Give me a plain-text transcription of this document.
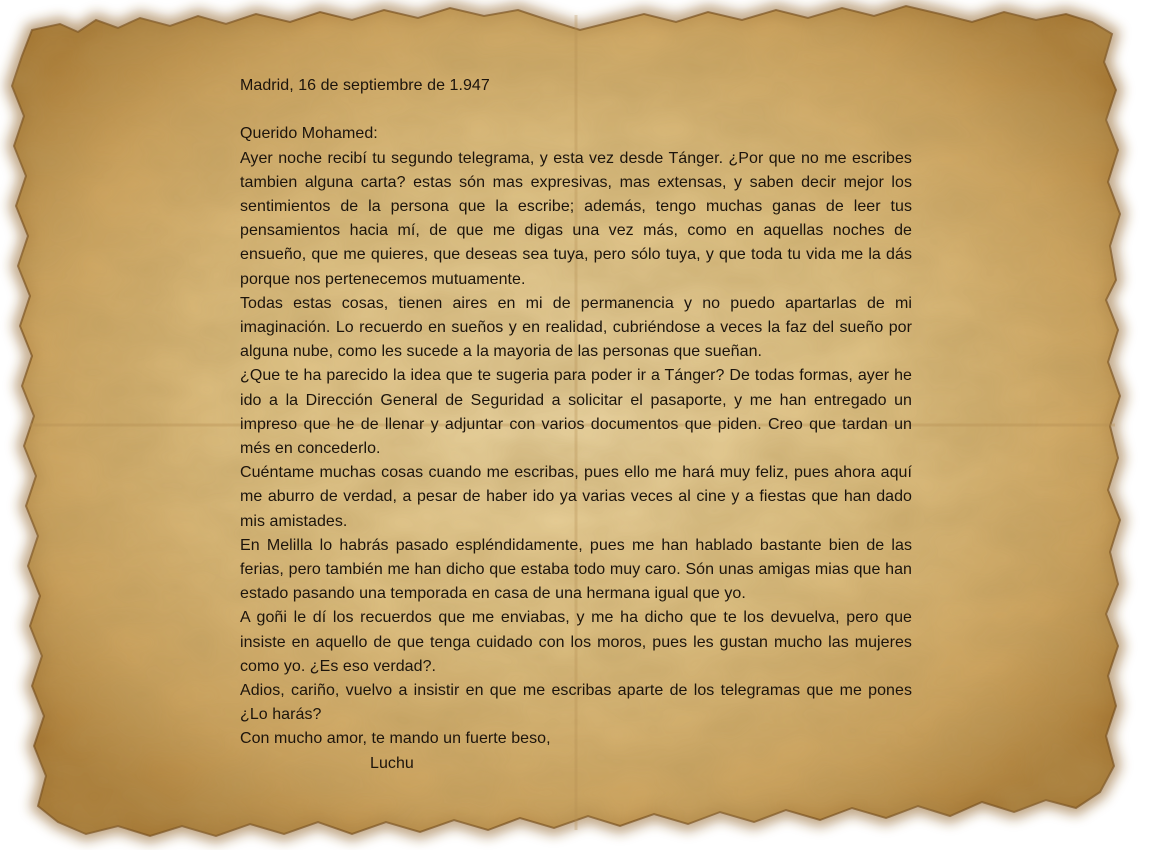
Madrid, 16 de septiembre de 1.947

Querido Mohamed:

Ayer noche recibí tu segundo telegrama, y esta vez desde Tánger. ¿Por que no me escribes tambien alguna carta? estas són mas expresivas, mas extensas, y saben decir mejor los sentimientos de la persona que la escribe; además, tengo muchas ganas de leer tus pensamientos hacia mí, de que me digas una vez más, como en aquellas noches de ensueño, que me quieres, que deseas sea tuya, pero sólo tuya, y que toda tu vida me la dás porque nos pertenecemos mutuamente.

Todas estas cosas, tienen aires en mi de permanencia y no puedo apartarlas de mi imaginación. Lo recuerdo en sueños y en realidad, cubriéndose a veces la faz del sueño por alguna nube, como les sucede a la mayoria de las personas que sueñan.

¿Que te ha parecido la idea que te sugeria para poder ir a Tánger? De todas formas, ayer he ido a la Dirección General de Seguridad a solicitar el pasaporte, y me han entregado un impreso que he de llenar y adjuntar con varios documentos que piden. Creo que tardan un més en concederlo.

Cuéntame muchas cosas cuando me escribas, pues ello me hará muy feliz, pues ahora aquí me aburro de verdad, a pesar de haber ido ya varias veces al cine y a fiestas que han dado mis amistades.

En Melilla lo habrás pasado espléndidamente, pues me han hablado bastante bien de las ferias, pero también me han dicho que estaba todo muy caro. Són unas amigas mias que han estado pasando una temporada en casa de una hermana igual que yo.

A goñi le dí los recuerdos que me enviabas, y me ha dicho que te los devuelva, pero que insiste en aquello de que tenga cuidado con los moros, pues les gustan mucho las mujeres como yo. ¿Es eso verdad?.

Adios, cariño, vuelvo a insistir en que me escribas aparte de los telegramas que me pones ¿Lo harás?

Con mucho amor, te mando un fuerte beso,

Luchu
